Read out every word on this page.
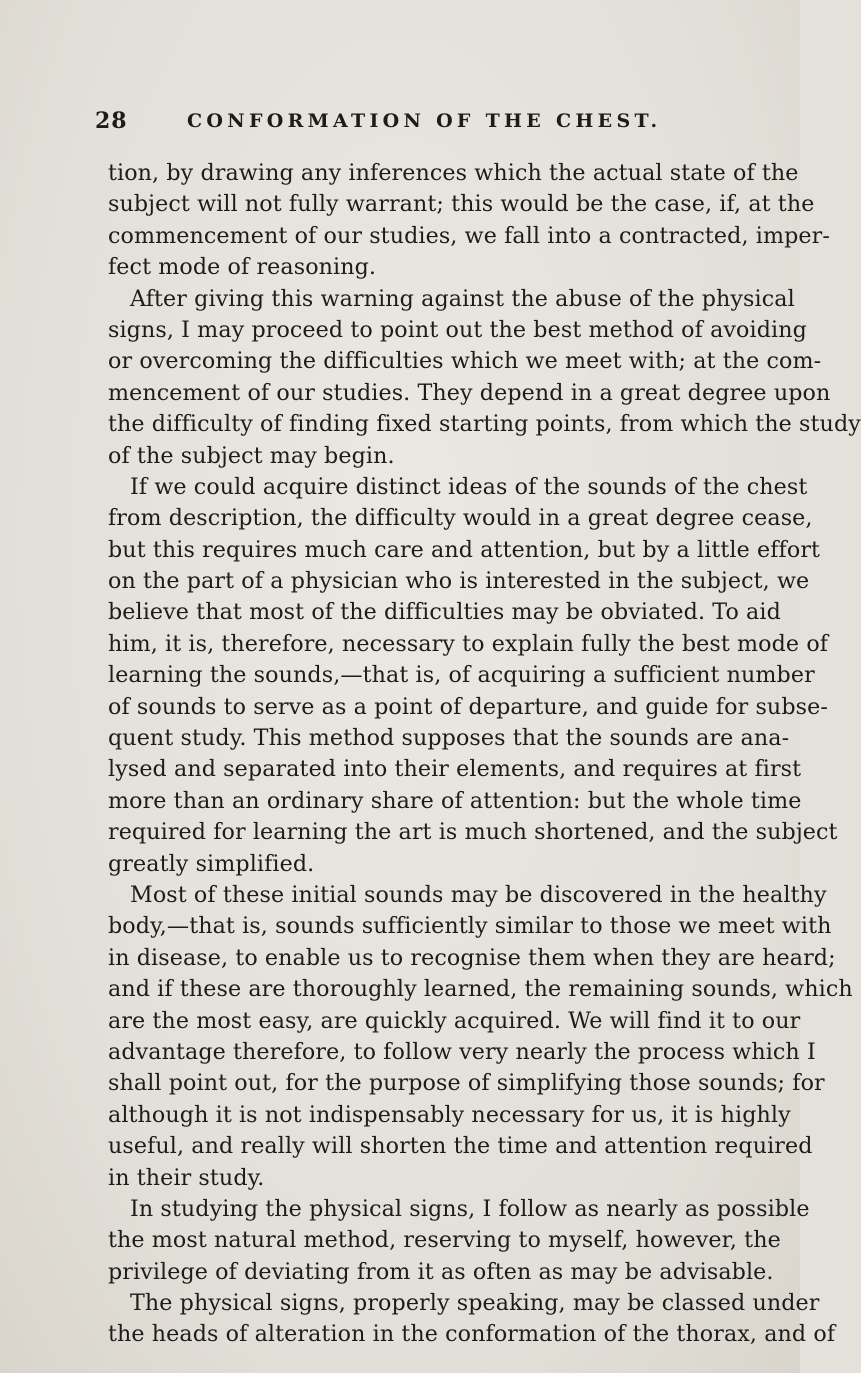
28	CONFORMATION OF THE CHEST.
tion, by drawing any inferences which the actual state of the
subject will not fully warrant; this would be the case, if, at the
commencement of our studies, we fall into a contracted, imper-
fect mode of reasoning.
After giving this warning against the abuse of the physical
signs, I may proceed to point out the best method of avoiding
or overcoming the difficulties which we meet with; at the com-
mencement of our studies. They depend in a great degree upon
the difficulty of finding fixed starting points, from which the study
of the subject may begin.
If we could acquire distinct ideas of the sounds of the chest
from description, the difficulty would in a great degree cease,
but this requires much care and attention, but by a little effort
on the part of a physician who is interested in the subject, we
believe that most of the difficulties may be obviated. To aid
him, it is, therefore, necessary to explain fully the best mode of
learning the sounds,—that is, of acquiring a sufficient number
of sounds to serve as a point of departure, and guide for subse-
quent study. This method supposes that the sounds are ana-
lysed and separated into their elements, and requires at first
more than an ordinary share of attention: but the whole time
required for learning the art is much shortened, and the subject
greatly simplified.
Most of these initial sounds may be discovered in the healthy
body,—that is, sounds sufficiently similar to those we meet with
in disease, to enable us to recognise them when they are heard;
and if these are thoroughly learned, the remaining sounds, which
are the most easy, are quickly acquired. We will find it to our
advantage therefore, to follow very nearly the process which I
shall point out, for the purpose of simplifying those sounds; for
although it is not indispensably necessary for us, it is highly
useful, and really will shorten the time and attention required
in their study.
In studying the physical signs, I follow as nearly as possible
the most natural method, reserving to myself, however, the
privilege of deviating from it as often as may be advisable.
The physical signs, properly speaking, may be classed under
the heads of alteration in the conformation of the thorax, and of
